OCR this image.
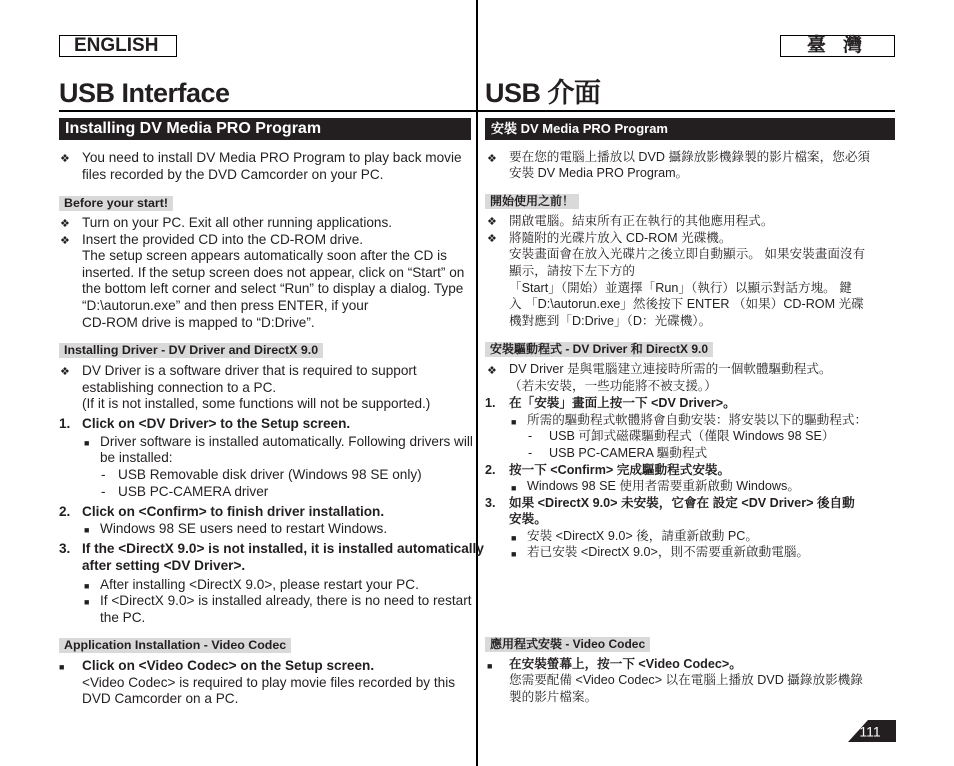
ENGLISH	臺 灣
USB Interface	USB 介面
Installing DV Media PRO Program	安裝 DV Media PRO Program
❖ You need to install DV Media PRO Program to play back movie
files recorded by the DVD Camcorder on your PC.
Before your start!
❖ Turn on your PC. Exit all other running applications.
❖ Insert the provided CD into the CD-ROM drive.
The setup screen appears automatically soon after the CD is
inserted. If the setup screen does not appear, click on “Start” on
the bottom left corner and select “Run” to display a dialog. Type
“D:\autorun.exe” and then press ENTER, if your
CD-ROM drive is mapped to “D:Drive”.
Installing Driver - DV Driver and DirectX 9.0
❖ DV Driver is a software driver that is required to support
establishing connection to a PC.
(If it is not installed, some functions will not be supported.)
1. Click on <DV Driver> to the Setup screen.
■ Driver software is installed automatically. Following drivers will
be installed:
- USB Removable disk driver (Windows 98 SE only)
- USB PC-CAMERA driver
2. Click on <Confirm> to finish driver installation.
■ Windows 98 SE users need to restart Windows.
3. If the <DirectX 9.0> is not installed, it is installed automatically
after setting <DV Driver>.
■ After installing <DirectX 9.0>, please restart your PC.
■ If <DirectX 9.0> is installed already, there is no need to restart
the PC.
Application Installation - Video Codec
■ Click on <Video Codec> on the Setup screen.
<Video Codec> is required to play movie files recorded by this
DVD Camcorder on a PC.
❖ 要在您的電腦上播放以 DVD 攝錄放影機錄製的影片檔案，您必須
安裝 DV Media PRO Program。
開始使用之前！
❖ 開啟電腦。結束所有正在執行的其他應用程式。
❖ 將隨附的光碟片放入 CD-ROM 光碟機。
安裝畫面會在放入光碟片之後立即自動顯示。 如果安裝畫面沒有
顯示，請按下左下方的
「Start」（開始）並選擇「Run」（執行）以顯示對話方塊。 鍵
入 「D:\autorun.exe」然後按下 ENTER （如果）CD-ROM 光碟
機對應到「D:Drive」（D：光碟機）。
安裝驅動程式 - DV Driver 和 DirectX 9.0
❖ DV Driver 是與電腦建立連接時所需的一個軟體驅動程式。
（若未安裝，一些功能將不被支援。）
1. 在「安裝」畫面上按一下 <DV Driver>。
■ 所需的驅動程式軟體將會自動安裝：將安裝以下的驅動程式：
- USB 可卸式磁碟驅動程式（僅限 Windows 98 SE）
- USB PC-CAMERA 驅動程式
2. 按一下 <Confirm> 完成驅動程式安裝。
■ Windows 98 SE 使用者需要重新啟動 Windows。
3. 如果 <DirectX 9.0> 未安裝，它會在 設定 <DV Driver> 後自動
安裝。
■ 安裝 <DirectX 9.0> 後，請重新啟動 PC。
■ 若已安裝 <DirectX 9.0>，則不需要重新啟動電腦。
應用程式安裝 - Video Codec
■ 在安裝螢幕上，按一下 <Video Codec>。
您需要配備 <Video Codec> 以在電腦上播放 DVD 攝錄放影機錄
製的影片檔案。
111
